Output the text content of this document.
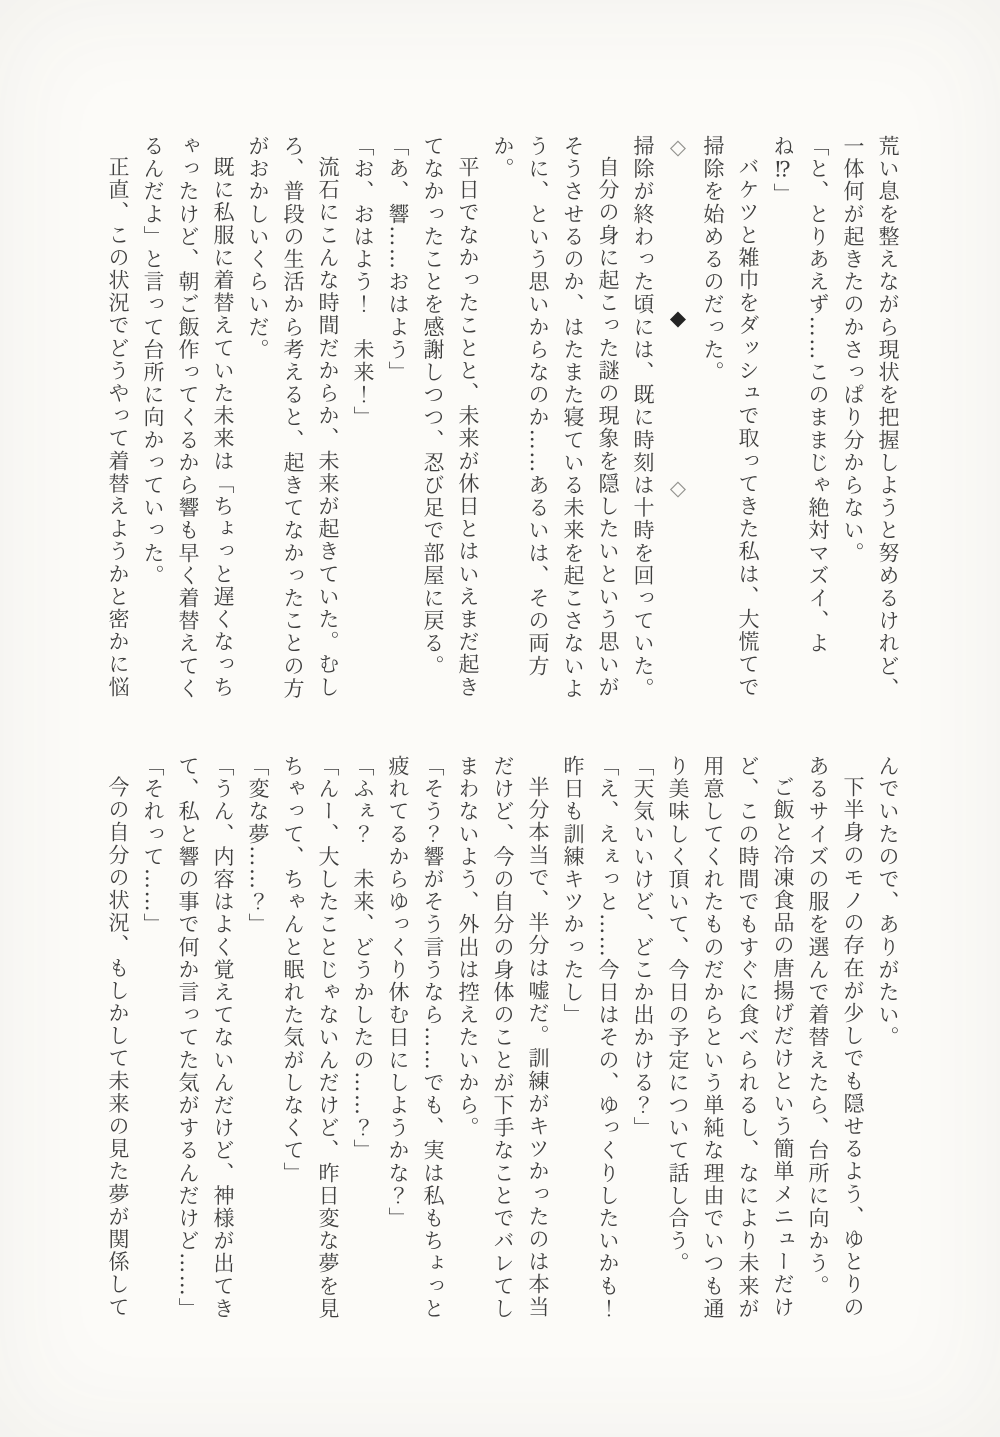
荒い息を整えながら現状を把握しようと努めるけれど、一体何が起きたのかさっぱり分からない。

「と、とりあえず……このままじゃ絶対マズイ、よね⁉」

バケツと雑巾をダッシュで取ってきた私は、大慌てで掃除を始めるのだった。

◇◆◇

掃除が終わった頃には、既に時刻は十時を回っていた。

自分の身に起こった謎の現象を隠したいという思いがそうさせるのか、はたまた寝ている未来を起こさないように、という思いからなのか……あるいは、その両方か。

平日でなかったことと、未来が休日とはいえまだ起きてなかったことを感謝しつつ、忍び足で部屋に戻る。

「あ、響……おはよう」

「お、おはよう！　未来！」

流石にこんな時間だからか、未来が起きていた。むしろ、普段の生活から考えると、起きてなかったことの方がおかしいくらいだ。

既に私服に着替えていた未来は「ちょっと遅くなっちゃったけど、朝ご飯作ってくるから響も早く着替えてくるんだよ」と言って台所に向かっていった。

正直、この状況でどうやって着替えようかと密かに悩

んでいたので、ありがたい。

下半身のモノの存在が少しでも隠せるよう、ゆとりのあるサイズの服を選んで着替えたら、台所に向かう。

ご飯と冷凍食品の唐揚げだけという簡単メニューだけど、この時間でもすぐに食べられるし、なにより未来が用意してくれたものだからという単純な理由でいつも通り美味しく頂いて、今日の予定について話し合う。

「天気いいけど、どこか出かける？」

「え、えぇっと……今日はその、ゆっくりしたいかも！昨日も訓練キツかったし」

半分本当で、半分は嘘だ。訓練がキツかったのは本当だけど、今の自分の身体のことが下手なことでバレてしまわないよう、外出は控えたいから。

「そう？響がそう言うなら……でも、実は私もちょっと疲れてるからゆっくり休む日にしようかな？」

「ふぇ？　未来、どうかしたの……？」

「んー、大したことじゃないんだけど、昨日変な夢を見ちゃって、ちゃんと眠れた気がしなくて」

「変な夢……？」

「うん、内容はよく覚えてないんだけど、神様が出てきて、私と響の事で何か言ってた気がするんだけど……」

「それって……」

今の自分の状況、もしかして未来の見た夢が関係して
